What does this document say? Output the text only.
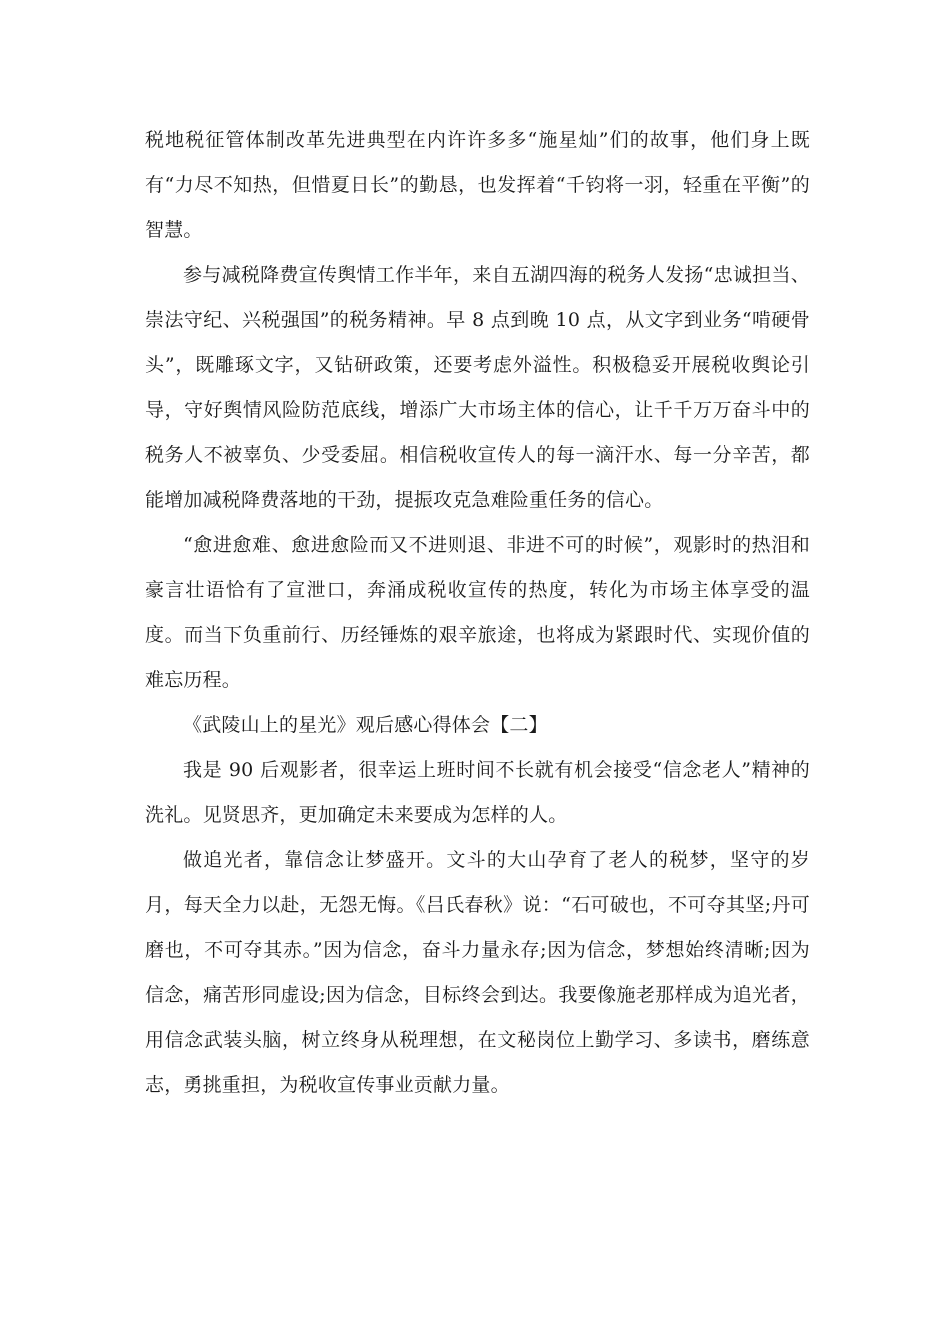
税地税征管体制改革先进典型在内许许多多“施星灿”们的故事，他们身上既有“力尽不知热，但惜夏日长”的勤恳，也发挥着“千钧将一羽，轻重在平衡”的智慧。

参与减税降费宣传舆情工作半年，来自五湖四海的税务人发扬“忠诚担当、崇法守纪、兴税强国”的税务精神。早 8 点到晚 10 点，从文字到业务“啃硬骨头”，既雕琢文字，又钻研政策，还要考虑外溢性。积极稳妥开展税收舆论引导，守好舆情风险防范底线，增添广大市场主体的信心，让千千万万奋斗中的税务人不被辜负、少受委屈。相信税收宣传人的每一滴汗水、每一分辛苦，都能增加减税降费落地的干劲，提振攻克急难险重任务的信心。

“愈进愈难、愈进愈险而又不进则退、非进不可的时候”，观影时的热泪和豪言壮语恰有了宣泄口，奔涌成税收宣传的热度，转化为市场主体享受的温度。而当下负重前行、历经锤炼的艰辛旅途，也将成为紧跟时代、实现价值的难忘历程。

《武陵山上的星光》观后感心得体会【二】

我是 90 后观影者，很幸运上班时间不长就有机会接受“信念老人”精神的洗礼。见贤思齐，更加确定未来要成为怎样的人。

做追光者，靠信念让梦盛开。文斗的大山孕育了老人的税梦，坚守的岁月，每天全力以赴，无怨无悔。《吕氏春秋》说：“石可破也，不可夺其坚;丹可磨也，不可夺其赤。”因为信念，奋斗力量永存;因为信念，梦想始终清晰;因为信念，痛苦形同虚设;因为信念，目标终会到达。我要像施老那样成为追光者，用信念武装头脑，树立终身从税理想，在文秘岗位上勤学习、多读书，磨练意志，勇挑重担，为税收宣传事业贡献力量。
